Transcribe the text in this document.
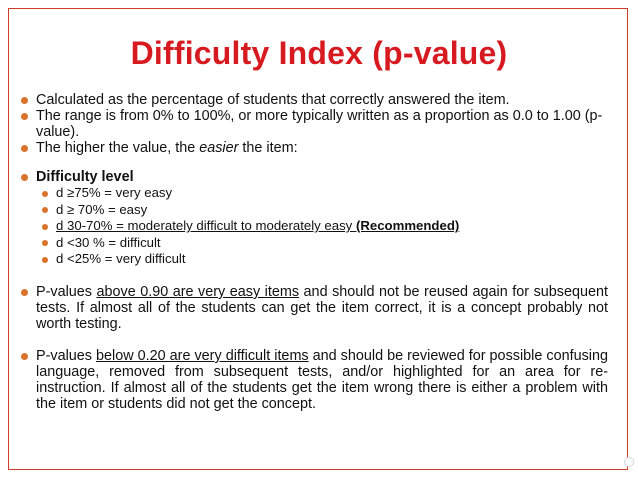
Difficulty Index (p-value)
Calculated as the percentage of students that correctly answered the item.
The range is from 0% to 100%, or more typically written as a proportion as 0.0 to 1.00 (p-value).
The higher the value, the easier the item:
Difficulty level
d ≥75% = very easy
d ≥ 70% = easy
d 30-70% = moderately difficult to moderately easy (Recommended)
d <30 % = difficult
d <25% = very difficult
P-values above 0.90 are very easy items and should not be reused again for subsequent tests. If almost all of the students can get the item correct, it is a concept probably not worth testing.
P-values below 0.20 are very difficult items and should be reviewed for possible confusing language, removed from subsequent tests, and/or highlighted for an area for re-instruction. If almost all of the students get the item wrong there is either a problem with the item or students did not get the concept.
